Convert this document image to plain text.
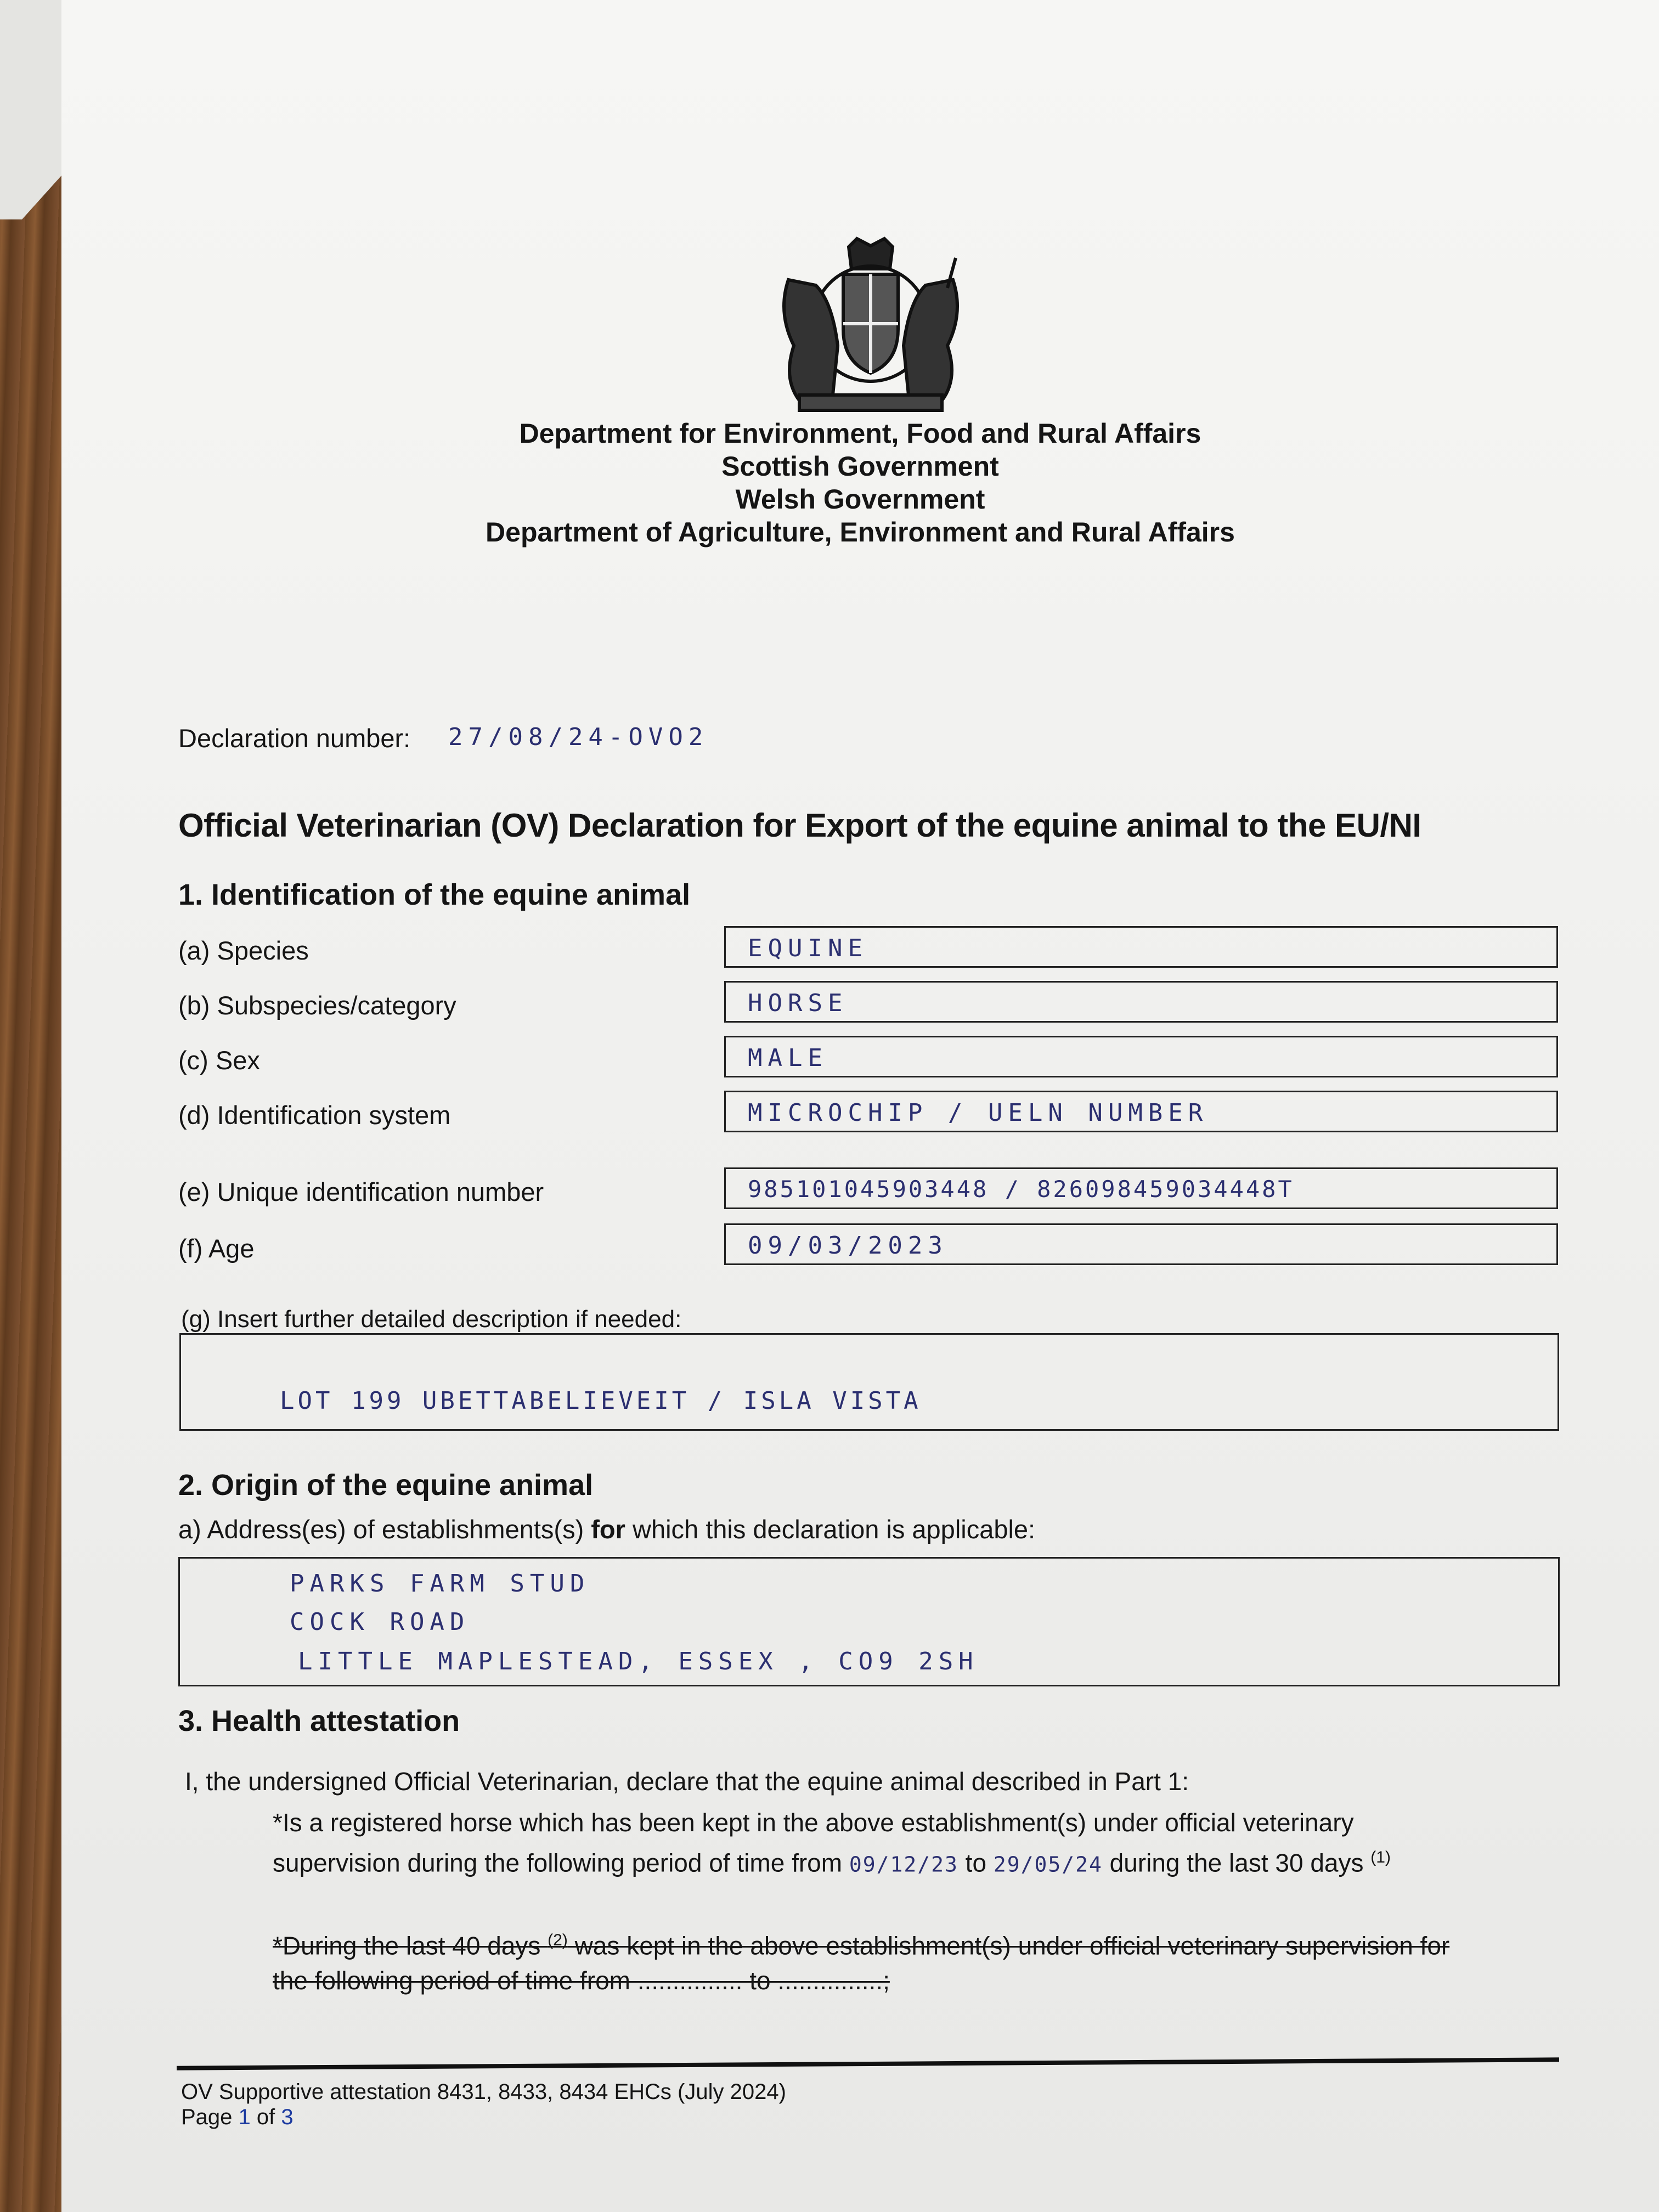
Department for Environment, Food and Rural Affairs
Scottish Government
Welsh Government
Department of Agriculture, Environment and Rural Affairs
Declaration number: 27/08/24-OVO2
Official Veterinarian (OV) Declaration for Export of the equine animal to the EU/NI
1. Identification of the equine animal
(a) Species	EQUINE
(b) Subspecies/category	HORSE
(c) Sex	MALE
(d) Identification system	MICROCHIP / UELN NUMBER
(e) Unique identification number	985101045903448 / 826098459034448T
(f) Age	09/03/2023
(g) Insert further detailed description if needed:
LOT 199 UBETTABELIEVEIT / ISLA VISTA
2. Origin of the equine animal
a) Address(es) of establishments(s) for which this declaration is applicable:
PARKS FARM STUD
COCK ROAD
LITTLE MAPLESTEAD, ESSEX , CO9 2SH
3. Health attestation
I, the undersigned Official Veterinarian, declare that the equine animal described in Part 1:
*Is a registered horse which has been kept in the above establishment(s) under official veterinary
supervision during the following period of time from 09/12/23 to 29/05/24 during the last 30 days $^{(1)}$
*During the last 40 days $^{(2)}$ was kept in the above establishment(s) under official veterinary supervision for
the following period of time from ............... to ...............;
OV Supportive attestation 8431, 8433, 8434 EHCs (July 2024)
Page 1 of 3
